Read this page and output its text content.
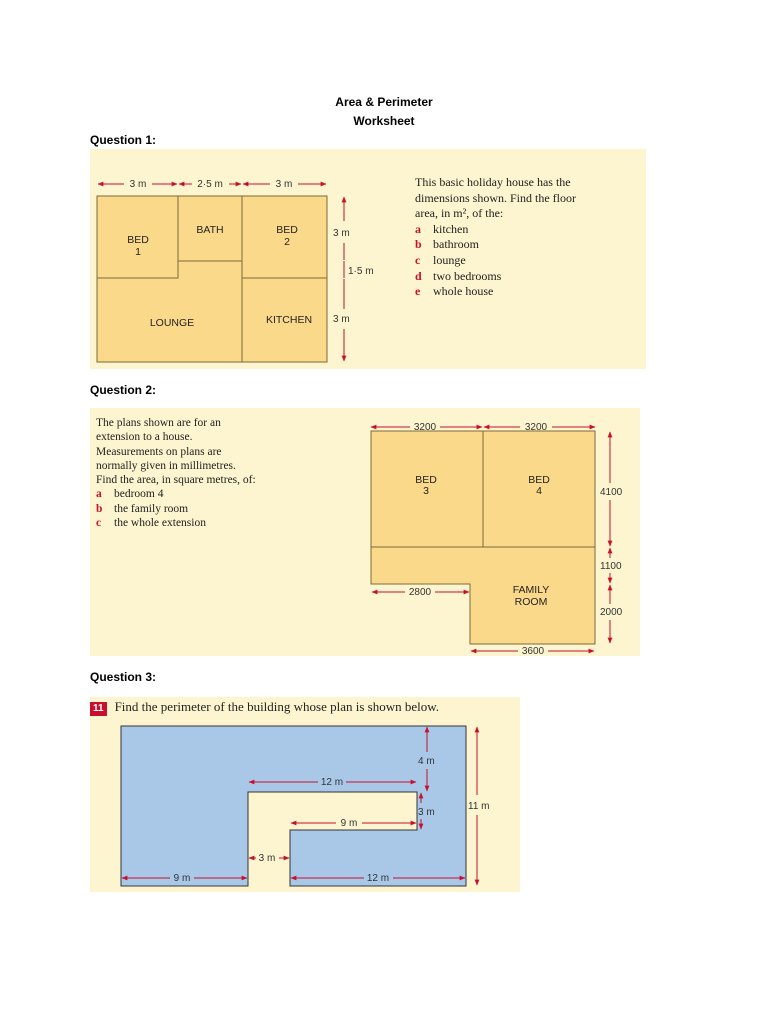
Area & Perimeter
Worksheet
Question 1:
BED
1
BATH	BED
2
LOUNGE	KITCHEN
3 m	2·5 m	3 m
3 m
1·5 m
3 m
This basic holiday house has the
dimensions shown. Find the floor
area, in m², of the:
a kitchen
b bathroom
c lounge
d two bedrooms
e whole house
Question 2:
The plans shown are for an
extension to a house.
Measurements on plans are
normally given in millimetres.
Find the area, in square metres, of:
a bedroom 4
b the family room
c the whole extension
BED
3
BED
4
FAMILY
ROOM
3200	3200
4100
1100
2000
2800
3600
Question 3:
11 Find the perimeter of the building whose plan is shown below.
4 m
12 m
3 m
11 m
9 m
3 m
9 m	12 m
